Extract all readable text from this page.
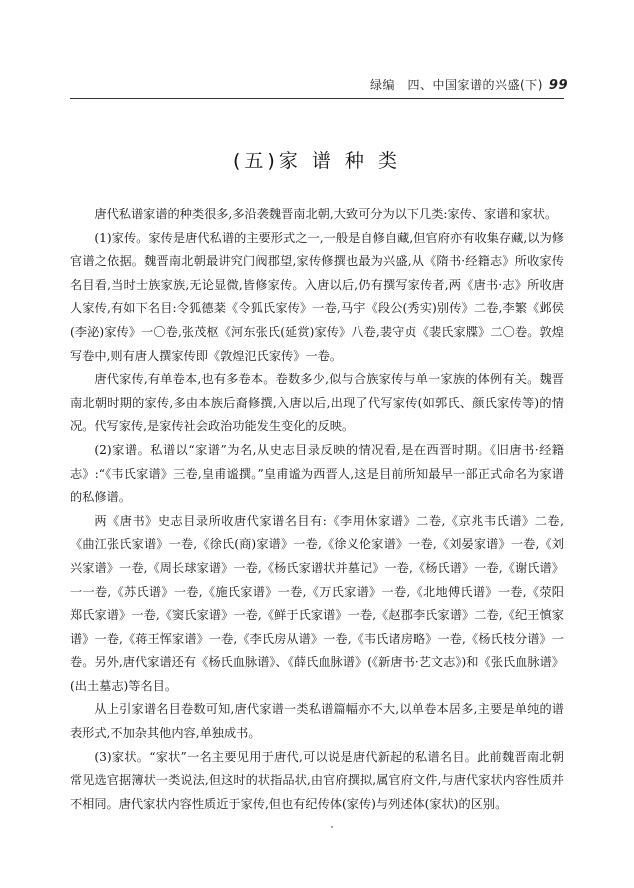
绿编　四、中国家谱的兴盛(下) 99
(五)家 谱 种 类

唐代私谱家谱的种类很多,多沿袭魏晋南北朝,大致可分为以下几类:家传、家谱和家状。

(1)家传。家传是唐代私谱的主要形式之一,一般是自修自藏,但官府亦有收集存藏,以为修官谱之依据。魏晋南北朝最讲究门阀郡望,家传修撰也最为兴盛,从《隋书·经籍志》所收家传名目看,当时士族家族,无论显微,皆修家传。入唐以后,仍有撰写家传者,两《唐书·志》所收唐人家传,有如下名目:令狐德棻《令狐氏家传》一卷,马宇《段公(秀实)别传》二卷,李繁《邺侯(李泌)家传》一〇卷,张茂枢《河东张氏(延赏)家传》八卷,裴守贞《裴氏家牒》二〇卷。敦煌写卷中,则有唐人撰家传即《敦煌氾氏家传》一卷。

唐代家传,有单卷本,也有多卷本。卷数多少,似与合族家传与单一家族的体例有关。魏晋南北朝时期的家传,多由本族后裔修撰,入唐以后,出现了代写家传(如郭氏、颜氏家传等)的情况。代写家传,是家传社会政治功能发生变化的反映。

(2)家谱。私谱以“家谱”为名,从史志目录反映的情况看,是在西晋时期。《旧唐书·经籍志》:“《韦氏家谱》三卷,皇甫谧撰。”皇甫谧为西晋人,这是目前所知最早一部正式命名为家谱的私修谱。

两《唐书》史志目录所收唐代家谱名目有:《李用休家谱》二卷,《京兆韦氏谱》二卷,《曲江张氏家谱》一卷,《徐氏(商)家谱》一卷,《徐义伦家谱》一卷,《刘晏家谱》一卷,《刘兴家谱》一卷,《周长球家谱》一卷,《杨氏家谱状并墓记》一卷,《杨氏谱》一卷,《谢氏谱》一一卷,《苏氏谱》一卷,《施氏家谱》一卷,《万氏家谱》一卷,《北地傅氏谱》一卷,《荥阳郑氏家谱》一卷,《窦氏家谱》一卷,《鲜于氏家谱》一卷,《赵郡李氏家谱》二卷,《纪王慎家谱》一卷,《蒋王恽家谱》一卷,《李氏房从谱》一卷,《韦氏诸房略》一卷,《杨氏枝分谱》一卷。另外,唐代家谱还有《杨氏血脉谱》、《薛氏血脉谱》(《新唐书·艺文志》)和《张氏血脉谱》(出土墓志)等名目。

从上引家谱名目卷数可知,唐代家谱一类私谱篇幅亦不大,以单卷本居多,主要是单纯的谱表形式,不加杂其他内容,单独成书。

(3)家状。“家状”一名主要见用于唐代,可以说是唐代新起的私谱名目。此前魏晋南北朝常见选官据簿状一类说法,但这时的状指品状,由官府撰拟,属官府文件,与唐代家状内容性质并不相同。唐代家状内容性质近于家传,但也有纪传体(家传)与列述体(家状)的区别。
